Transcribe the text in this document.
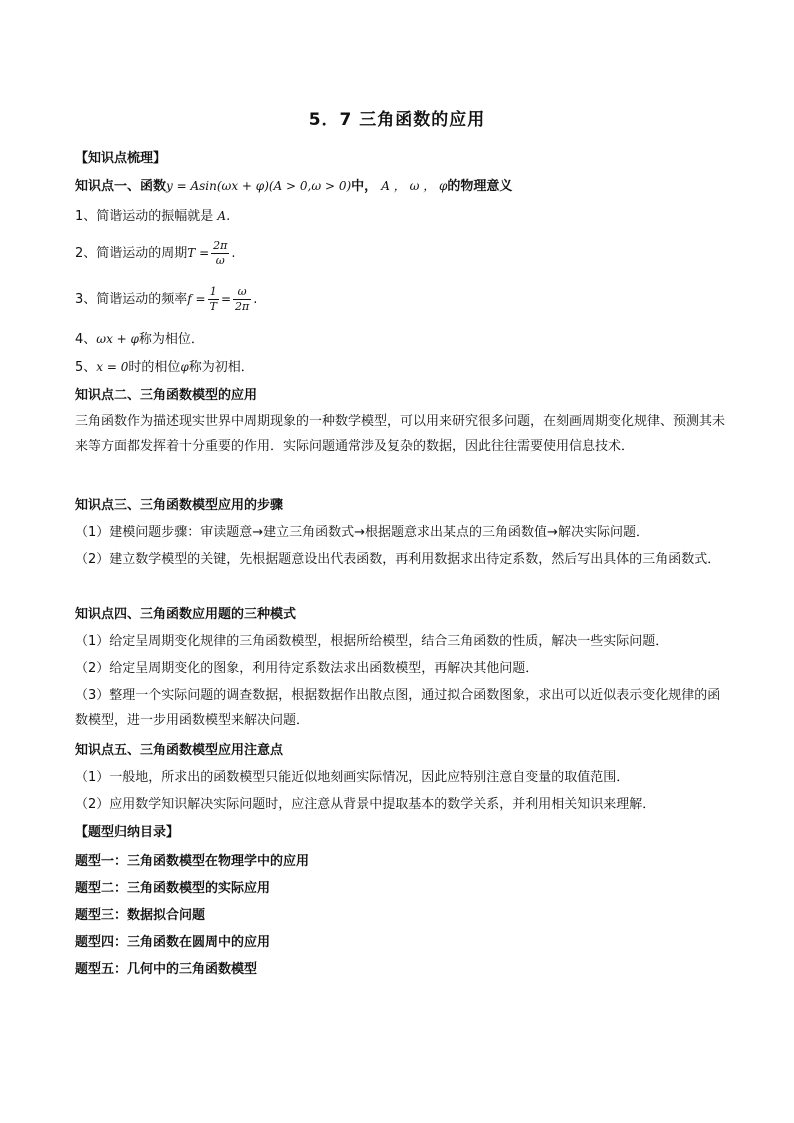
5．7 三角函数的应用
【知识点梳理】
知识点一、函数y = Asin(ωx + φ)(A > 0,ω > 0)中， A ， ω ， φ的物理意义
1、简谐运动的振幅就是 A.
2、简谐运动的周期$T = \frac{2\pi}{\omega}$ .
3、简谐运动的频率$f = \frac{1}{T} = \frac{\omega}{2\pi}$ .
4、ωx + φ称为相位．
5、x = 0时的相位φ称为初相．
知识点二、三角函数模型的应用
三角函数作为描述现实世界中周期现象的一种数学模型，可以用来研究很多问题，在刻画周期变化规律、预测其未来等方面都发挥着十分重要的作用．实际问题通常涉及复杂的数据，因此往往需要使用信息技术．
知识点三、三角函数模型应用的步骤
（1）建模问题步骤：审读题意→建立三角函数式→根据题意求出某点的三角函数值→解决实际问题．
（2）建立数学模型的关键，先根据题意设出代表函数，再利用数据求出待定系数，然后写出具体的三角函数式．
知识点四、三角函数应用题的三种模式
（1）给定呈周期变化规律的三角函数模型，根据所给模型，结合三角函数的性质，解决一些实际问题．
（2）给定呈周期变化的图象，利用待定系数法求出函数模型，再解决其他问题．
（3）整理一个实际问题的调查数据，根据数据作出散点图，通过拟合函数图象，求出可以近似表示变化规律的函数模型，进一步用函数模型来解决问题．
知识点五、三角函数模型应用注意点
（1）一般地，所求出的函数模型只能近似地刻画实际情况，因此应特别注意自变量的取值范围．
（2）应用数学知识解决实际问题时，应注意从背景中提取基本的数学关系，并利用相关知识来理解．
【题型归纳目录】
题型一：三角函数模型在物理学中的应用
题型二：三角函数模型的实际应用
题型三：数据拟合问题
题型四：三角函数在圆周中的应用
题型五：几何中的三角函数模型
